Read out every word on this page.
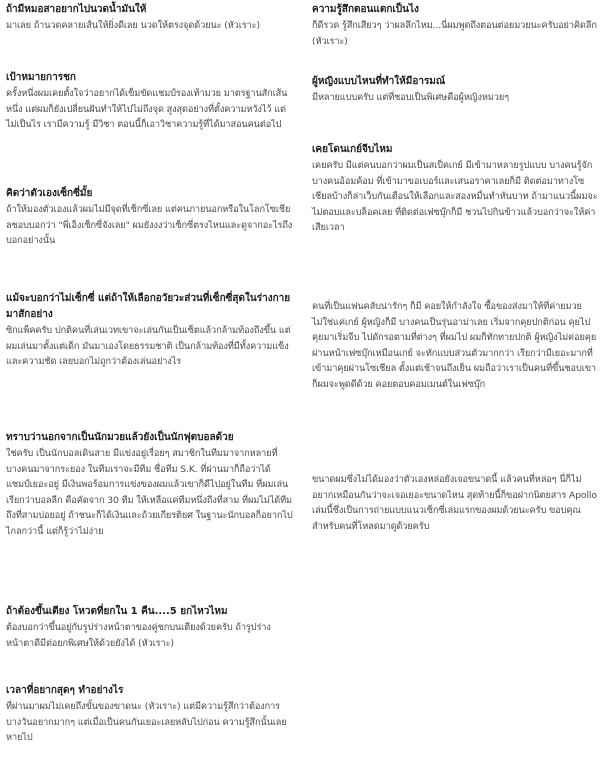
ถ้ามีหมอสาอยากไปนวดน้ำมันให้

มาเลย ถ้านวดคลายเส้นให้ยิ่งดีเลย นวดให้ตรงจุดด้วยนะ (หัวเราะ)

เป้าหมายการชก

ครั้งหนึ่งผมเคยตั้งใจว่าอยากได้เข็มขัดแชมป์รองเท้ามวย มาตรฐานสักเส้นหนึ่ง แต่ผมก็ยังเปลี่ยนฝันทำให้ไปไม่ถึงจุด สูงสุดอย่างที่ตั้งความหวังไว้ แต่ไม่เป็นไร เรามีความรู้ มีวิชา ตอนนี้ก็เอาวิชาความรู้ที่ได้มาสอนคนต่อไป

คิดว่าตัวเองเซ็กซี่มั้ย

ถ้าให้มองตัวเองแล้วผมไม่มีจุดที่เซ็กซี่เลย แต่คนภายนอกหรือในโลกโซเชียลชอบบอกว่า "พี่เอ็งเซ็กซี่จังเลย" ผมยังงงว่าเซ็กซี่ตรงไหนและดูจากอะไรถึงบอกอย่างนั้น

แม้จะบอกว่าไม่เซ็กซี่ แต่ถ้าให้เลือกอวัยวะส่วนที่เซ็กซี่สุดในร่างกายมาสักอย่าง

ซิกแพ็คครับ ปกติคนที่เล่นเวทเขาจะเล่นกันเป็นเซ็ตแล้วกล้ามท้องถึงขึ้น แต่ผมเล่นมาตั้งแต่เด็ก มันมาเองโดยธรรมชาติ เป็นกล้ามท้องที่มีทั้งความแข็งและความชัด เลยบอกไม่ถูกว่าต้องเล่นอย่างไร

ทราบว่านอกจากเป็นนักมวยแล้วยังเป็นนักฟุตบอลด้วย

ใช่ครับ เป็นนักบอลเดินสาย มีแข่งอยู่เรื่อยๆ สมาชิกในทีมมาจากหลายที่ บางคนมาจากระยอง ในทีมเราจะมีทีม ชื่อทีม S.K. ที่ผ่านมาก็ถือว่าได้แชมป์เยอะอยู่ มีเงินพอร้อมการแข่งของผมแล้วเขาก็ดีไปอยู่ในทีม ที่ผมเล่นเรียกว่าบอลลีก คือคัดจาก 30 ทีม ให้เหลือแค่ทีมหนึ่งถึงที่สาม ที่ผมไม่ได้ทีมถึงที่สามบ่อยอยู่ ถ้าชนะก็ได้เงินและถ้วยเกียรติยศ ในฐานะนักบอลก็อยากไปไกลกว่านี้ แต่ก็รู้ว่าไม่ง่าย

ถ้าต้องขึ้นเตียง โหวตที่ยกใน 1 คืน....5 ยกไหวไหม

ต้องบอกว่าขึ้นอยู่กับรูปร่างหน้าตาของคู่ชกบนเตียงด้วยครับ ถ้ารูปร่างหน้าตาดีมีต่อยกพิเศษให้ด้วยยังได้ (หัวเราะ)

เวลาที่อยากสุดๆ ทำอย่างไร

ที่ผ่านมาผมไม่เคยถึงขั้นของขาดนะ (หัวเราะ) แต่มีความรู้สึกว่าต้องการ บางวันอยากมากๆ แต่เมื่อเป็นคนกันเยอะเลยหลับไปก่อน ความรู้สึกนั้นเลยหายไป

ความรู้สึกตอนแตกเป็นไง

ก็ดีรวด รู้สึกเสียวๆ ว่าผลลึกไหม...นี่ผมพูดถึงตอนต่อยมวยนะครับอย่าคิดลึก (หัวเราะ)

ผู้หญิงแบบไหนที่ทำให้มีอารมณ์

มีหลายแบบครับ แต่ที่ชอบเป็นพิเศษคือผู้หญิงหมวยๆ

เคยโดนเกย์จีบไหม

เคยครับ มีแต่คนบอกว่าผมเป็นสเป็คเกย์ มีเข้ามาหลายรูปแบบ บางคนรู้จัก บางคนอ้อมค้อม ที่เข้ามาขอเบอร์และเสนอราคาเลยก็มี ติดต่อมาทางโซเชียลบ้างก็ล่าเว็บกันเตือนให้เลือกและสองหมื่นทำหันบาท ถ้ามาแนวนี้ผมจะไม่ตอบและบล็อคเลย ที่ติดต่อเฟซบุ๊กก็มี ชวนไปกินข้าวแล้วบอกว่าจะให้ค่าเสียเวลา

คนที่เป็นแฟนคลับน่ารักๆ ก็มี คอยให้กำลังใจ ซื้อของส่งมาให้ที่ค่ายมวย ไม่ใช่แค่เกย์ ผู้หญิงก็มี บางคนเป็นรุ่นอาม่าเลย เริ่มจากคุยปกติก่อน คุยไปคุยมาเริ่มจีบ ไปดักรอตามที่ต่างๆ ที่ผมไป ผมก็ทักทายปกติ ผู้หญิงไม่ค่อยคุยผ่านหน้าเฟซบุ๊กเหมือนเกย์ จะทักแบบส่วนตัวมากกว่า เรียกว่ามีเยอะมากที่เข้ามาคุยผ่านโซเชียล ตั้งแต่เช้าจนถึงเย็น ผมถือว่าเราเป็นคนที่ขึ้นชอบเขา ก็ผมจะพูดดีด้วย คอยตอบคอมเมนต์ในเฟซบุ๊ก

ขนาดผมซึ่งไม่ได้มองว่าตัวเองหล่อยังเจอขนาดนี้ แล้วคนที่หล่อๆ นี่ก็ไม่อยากเหมือนกันว่าจะเจอเยอะขนาดไหน สุดท้ายนี้ก็ขอฝากนิตยสาร Apollo เล่มนี้ซึ่งเป็นการถ่ายแบบแนวเซ็กซี่เล่มแรกของผมด้วยนะครับ ขอบคุณสำหรับคนที่โหลดมาดูด้วยครับ
